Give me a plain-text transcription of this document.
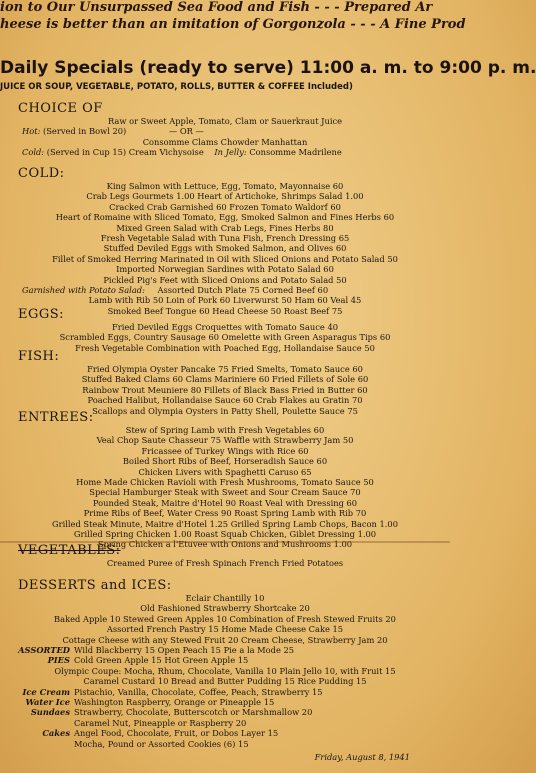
ion to Our Unsurpassed Sea Food and Fish - - - Prepared Ar
heese is better than an imitation of Gorgonzola - - - A Fine Prod
Daily Specials (ready to serve) 11:00 a. m. to 9:00 p. m.
JUICE OR SOUP, VEGETABLE, POTATO, ROLLS, BUTTER & COFFEE Included)
CHOICE OF
Raw or Sweet Apple, Tomato, Clam or Sauerkraut Juice
Hot: (Served in Bowl 20)	— OR —
Consomme Clams Chowder Manhattan
Cold: (Served in Cup 15) Cream Vichysoise In Jelly: Consomme Madrilene
COLD:
King Salmon with Lettuce, Egg, Tomato, Mayonnaise 60
Crab Legs Gourmets 1.00 Heart of Artichoke, Shrimps Salad 1.00
Cracked Crab Garnished 60 Frozen Tomato Waldorf 60
Heart of Romaine with Sliced Tomato, Egg, Smoked Salmon and Fines Herbs 60
Mixed Green Salad with Crab Legs, Fines Herbs 80
Fresh Vegetable Salad with Tuna Fish, French Dressing 65
Stuffed Deviled Eggs with Smoked Salmon, and Olives 60
Fillet of Smoked Herring Marinated in Oil with Sliced Onions and Potato Salad 50
Imported Norwegian Sardines with Potato Salad 60
Pickled Pig's Feet with Sliced Onions and Potato Salad 50
Garnished with Potato Salad: Assorted Dutch Plate 75 Corned Beef 60
Lamb with Rib 50 Loin of Pork 60 Liverwurst 50 Ham 60 Veal 45
Smoked Beef Tongue 60 Head Cheese 50 Roast Beef 75
EGGS:
Fried Deviled Eggs Croquettes with Tomato Sauce 40
Scrambled Eggs, Country Sausage 60 Omelette with Green Asparagus Tips 60
Fresh Vegetable Combination with Poached Egg, Hollandaise Sauce 50
FISH:
Fried Olympia Oyster Pancake 75 Fried Smelts, Tomato Sauce 60
Stuffed Baked Clams 60 Clams Mariniere 60 Fried Fillets of Sole 60
Rainbow Trout Meuniere 80 Fillets of Black Bass Fried in Butter 60
Poached Halibut, Hollandaise Sauce 60 Crab Flakes au Gratin 70
Scallops and Olympia Oysters in Patty Shell, Poulette Sauce 75
ENTREES:
Stew of Spring Lamb with Fresh Vegetables 60
Veal Chop Saute Chasseur 75 Waffle with Strawberry Jam 50
Fricassee of Turkey Wings with Rice 60
Boiled Short Ribs of Beef, Horseradish Sauce 60
Chicken Livers with Spaghetti Caruso 65
Home Made Chicken Ravioli with Fresh Mushrooms, Tomato Sauce 50
Special Hamburger Steak with Sweet and Sour Cream Sauce 70
Pounded Steak, Maitre d'Hotel 90 Roast Veal with Dressing 60
Prime Ribs of Beef, Water Cress 90 Roast Spring Lamb with Rib 70
Grilled Steak Minute, Maitre d'Hotel 1.25 Grilled Spring Lamb Chops, Bacon 1.00
Grilled Spring Chicken 1.00 Roast Squab Chicken, Giblet Dressing 1.00
Spring Chicken a l'Etuvee with Onions and Mushrooms 1.00
VEGETABLES:
Creamed Puree of Fresh Spinach French Fried Potatoes
DESSERTS and ICES:
Eclair Chantilly 10
Old Fashioned Strawberry Shortcake 20
Baked Apple 10 Stewed Green Apples 10 Combination of Fresh Stewed Fruits 20
Assorted French Pastry 15 Home Made Cheese Cake 15
Cottage Cheese with any Stewed Fruit 20 Cream Cheese, Strawberry Jam 20
ASSORTED PIES
Wild Blackberry 15 Open Peach 15 Pie a la Mode 25
Cold Green Apple 15 Hot Green Apple 15
Olympic Coupe: Mocha, Rhum, Chocolate, Vanilla 10 Plain Jello 10, with Fruit 15
Caramel Custard 10 Bread and Butter Pudding 15 Rice Pudding 15
Ice Cream Water Ice
Pistachio, Vanilla, Chocolate, Coffee, Peach, Strawberry 15
Washington Raspberry, Orange or Pineapple 15
Sundaes Strawberry, Chocolate, Butterscotch or Marshmallow 20
Caramel Nut, Pineapple or Raspberry 20
Cakes Angel Food, Chocolate, Fruit, or Dobos Layer 15
Mocha, Pound or Assorted Cookies (6) 15
Friday, August 8, 1941
